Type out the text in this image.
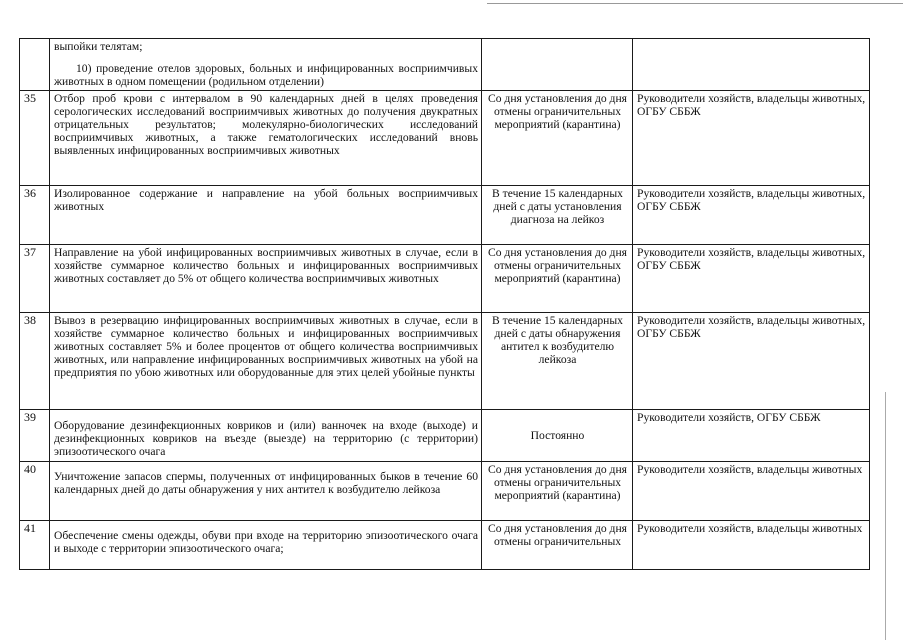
	выпойки телятам;

10) проведение отелов здоровых, больных и инфицированных восприимчивых животных в одном помещении (родильном отделении)		

35	Отбор проб крови с интервалом в 90 календарных дней в целях проведения серологических исследований восприимчивых животных до получения двукратных отрицательных результатов; молекулярно-биологических исследований восприимчивых животных, а также гематологических исследований вновь выявленных инфицированных восприимчивых животных	Со дня установления до дня отмены ограничительных мероприятий (карантина)	Руководители хозяйств, владельцы животных, ОГБУ СББЖ
36	Изолированное содержание и направление на убой больных восприимчивых животных	В течение 15 календарных дней с даты установления диагноза на лейкоз	Руководители хозяйств, владельцы животных, ОГБУ СББЖ
37	Направление на убой инфицированных восприимчивых животных в случае, если в хозяйстве суммарное количество больных и инфицированных восприимчивых животных составляет до 5% от общего количества восприимчивых животных	Со дня установления до дня отмены ограничительных мероприятий (карантина)	Руководители хозяйств, владельцы животных, ОГБУ СББЖ
38	Вывоз в резервацию инфицированных восприимчивых животных в случае, если в хозяйстве суммарное количество больных и инфицированных восприимчивых животных составляет 5% и более процентов от общего количества восприимчивых животных, или направление инфицированных восприимчивых животных на убой на предприятия по убою животных или оборудованные для этих целей убойные пункты	В течение 15 календарных дней с даты обнаружения антител к возбудителю лейкоза	Руководители хозяйств, владельцы животных, ОГБУ СББЖ
39	Оборудование дезинфекционных ковриков и (или) ванночек на входе (выходе) и дезинфекционных ковриков на въезде (выезде) на территорию (с территории) эпизоотического очага	Постоянно	Руководители хозяйств, ОГБУ СББЖ
40	Уничтожение запасов спермы, полученных от инфицированных быков в течение 60 календарных дней до даты обнаружения у них антител к возбудителю лейкоза	Со дня установления до дня отмены ограничительных мероприятий (карантина)	Руководители хозяйств, владельцы животных
41	Обеспечение смены одежды, обуви при входе на территорию эпизоотического очага и выходе с территории эпизоотического очага;	Со дня установления до дня отмены ограничительных	Руководители хозяйств, владельцы животных
